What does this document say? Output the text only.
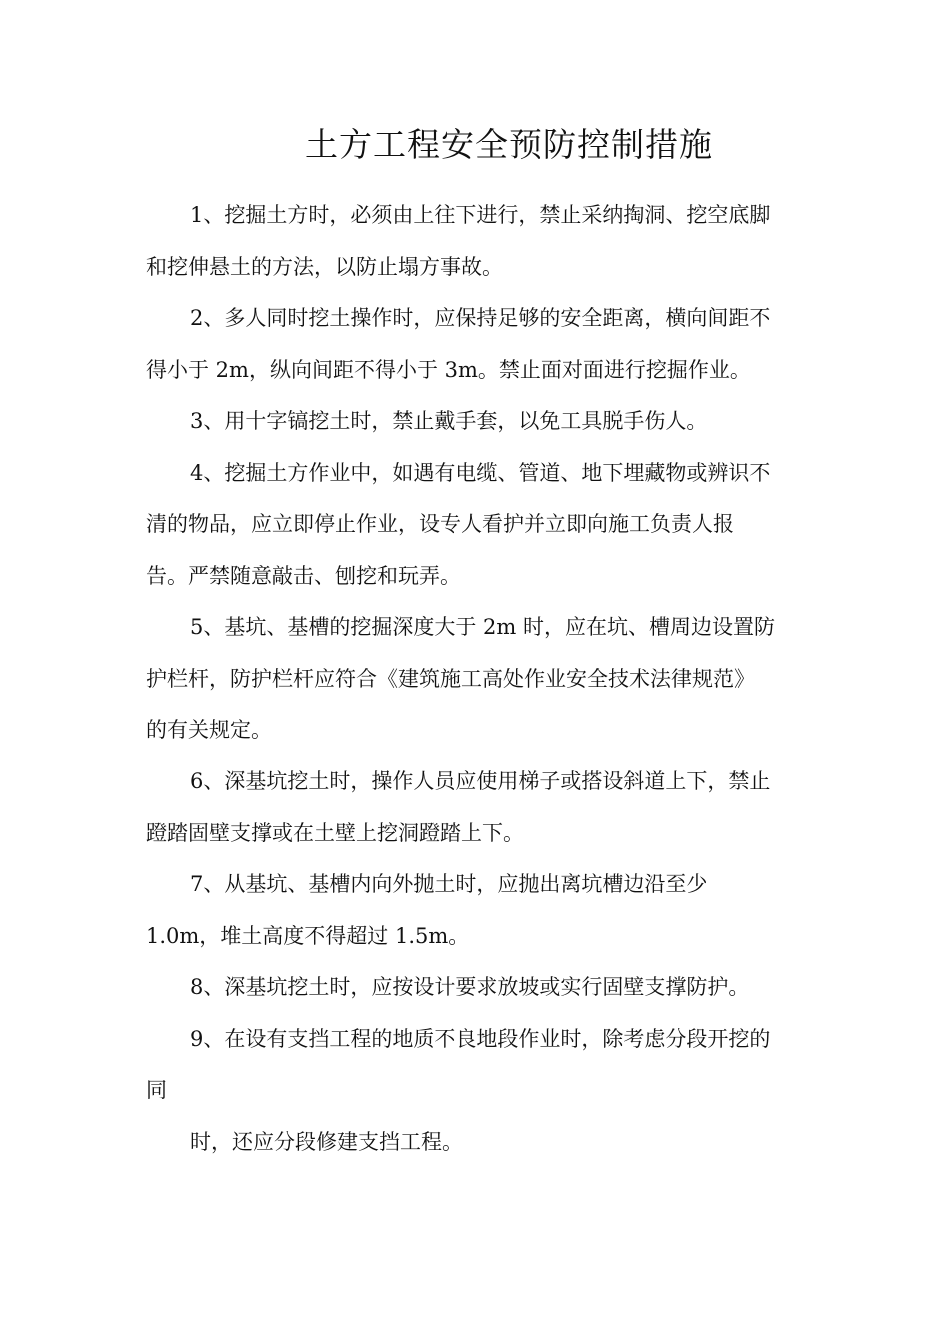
土方工程安全预防控制措施
1、挖掘土方时，必须由上往下进行，禁止采纳掏洞、挖空底脚
和挖伸悬土的方法，以防止塌方事故。
2、多人同时挖土操作时，应保持足够的安全距离，横向间距不
得小于 2m，纵向间距不得小于 3m。禁止面对面进行挖掘作业。
3、用十字镐挖土时，禁止戴手套，以免工具脱手伤人。
4、挖掘土方作业中，如遇有电缆、管道、地下埋藏物或辨识不
清的物品，应立即停止作业，设专人看护并立即向施工负责人报
告。严禁随意敲击、刨挖和玩弄。
5、基坑、基槽的挖掘深度大于 2m 时，应在坑、槽周边设置防
护栏杆，防护栏杆应符合《建筑施工高处作业安全技术法律规范》
的有关规定。
6、深基坑挖土时，操作人员应使用梯子或搭设斜道上下，禁止
蹬踏固壁支撑或在土壁上挖洞蹬踏上下。
7、从基坑、基槽内向外抛土时，应抛出离坑槽边沿至少
1.0m，堆土高度不得超过 1.5m。
8、深基坑挖土时，应按设计要求放坡或实行固壁支撑防护。
9、在设有支挡工程的地质不良地段作业时，除考虑分段开挖的
同
时，还应分段修建支挡工程。
